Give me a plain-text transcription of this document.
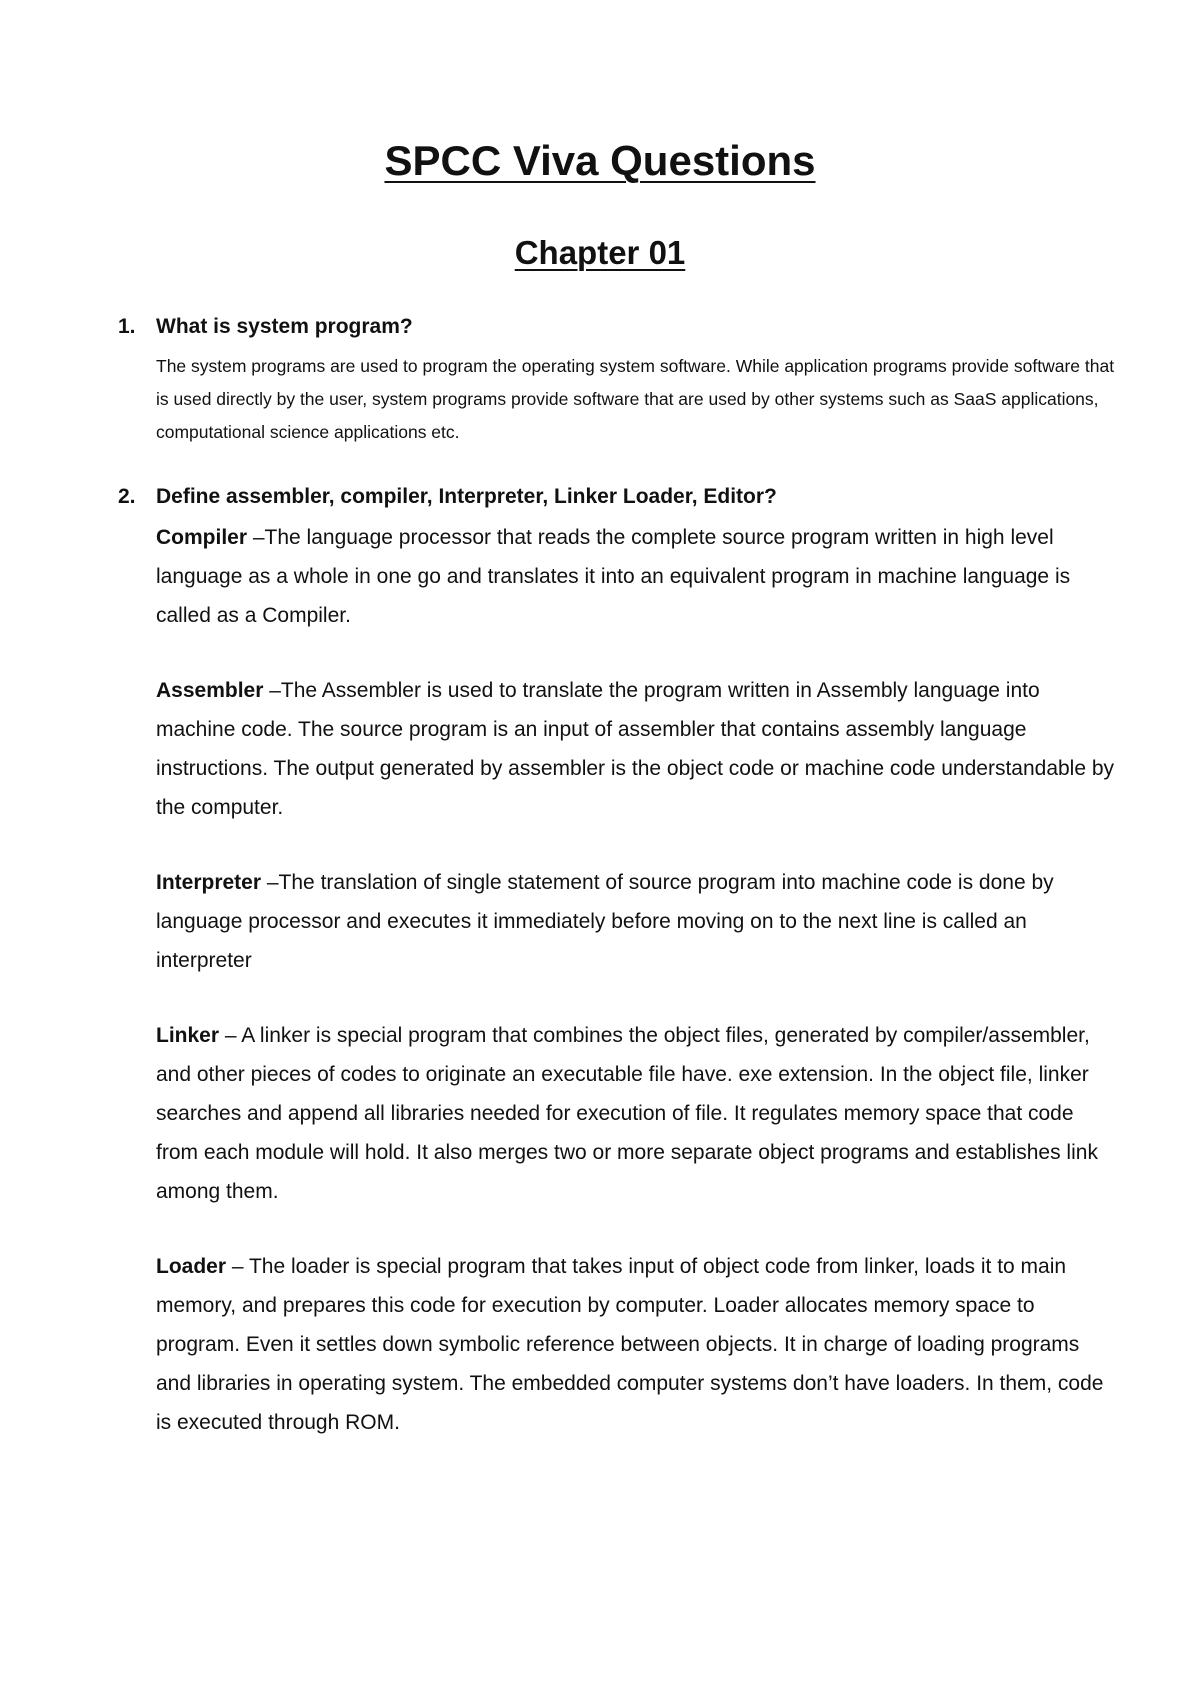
SPCC Viva Questions
Chapter 01

1. What is system program?

The system programs are used to program the operating system software. While application programs provide software that is used directly by the user, system programs provide software that are used by other systems such as SaaS applications, computational science applications etc.

2. Define assembler, compiler, Interpreter, Linker Loader, Editor?

Compiler –The language processor that reads the complete source program written in high level language as a whole in one go and translates it into an equivalent program in machine language is called as a Compiler.

Assembler –The Assembler is used to translate the program written in Assembly language into machine code. The source program is an input of assembler that contains assembly language instructions. The output generated by assembler is the object code or machine code understandable by the computer.

Interpreter –The translation of single statement of source program into machine code is done by language processor and executes it immediately before moving on to the next line is called an interpreter

Linker – A linker is special program that combines the object files, generated by compiler/assembler, and other pieces of codes to originate an executable file have. exe extension. In the object file, linker searches and append all libraries needed for execution of file. It regulates memory space that code from each module will hold. It also merges two or more separate object programs and establishes link among them.

Loader – The loader is special program that takes input of object code from linker, loads it to main memory, and prepares this code for execution by computer. Loader allocates memory space to program. Even it settles down symbolic reference between objects. It in charge of loading programs and libraries in operating system. The embedded computer systems don’t have loaders. In them, code is executed through ROM.
